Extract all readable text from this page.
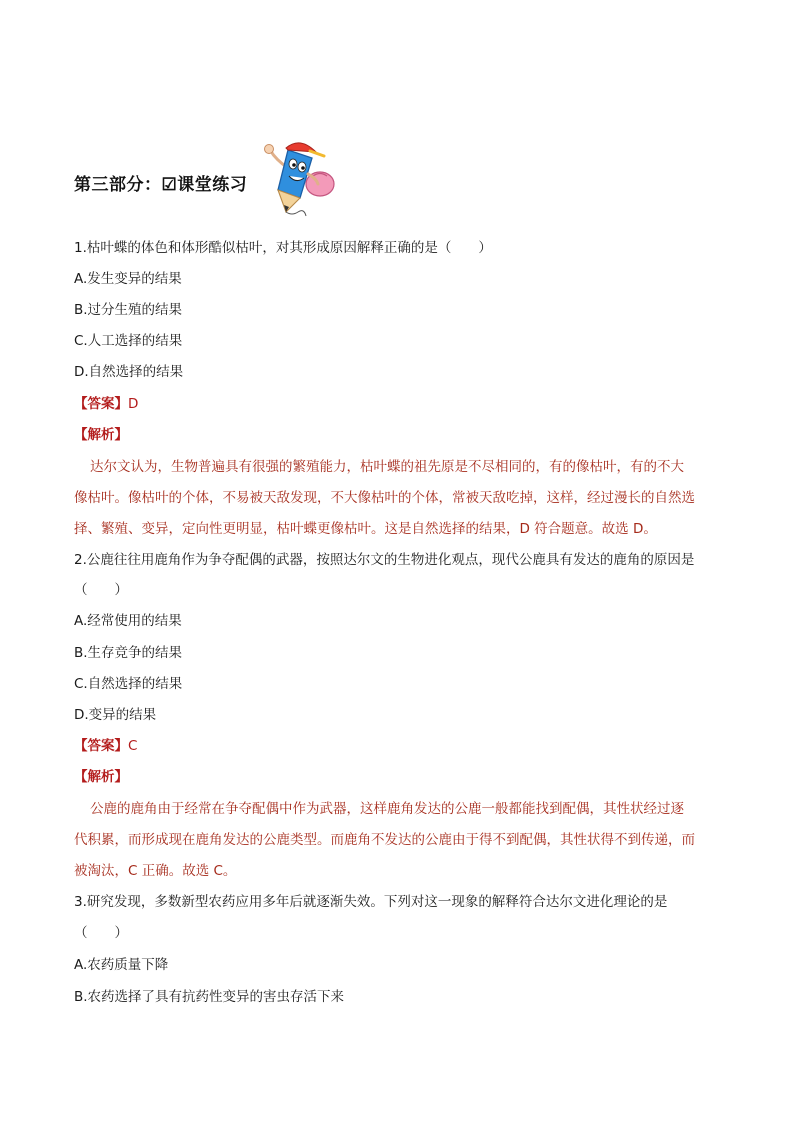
第三部分：☑课堂练习
1.枯叶蝶的体色和体形酷似枯叶，对其形成原因解释正确的是（　　）
A.发生变异的结果
B.过分生殖的结果
C.人工选择的结果
D.自然选择的结果
【答案】D
【解析】
达尔文认为，生物普遍具有很强的繁殖能力，枯叶蝶的祖先原是不尽相同的，有的像枯叶，有的不大
像枯叶。像枯叶的个体，不易被天敌发现，不大像枯叶的个体，常被天敌吃掉，这样，经过漫长的自然选
择、繁殖、变异，定向性更明显，枯叶蝶更像枯叶。这是自然选择的结果，D 符合题意。故选 D。
2.公鹿往往用鹿角作为争夺配偶的武器，按照达尔文的生物进化观点，现代公鹿具有发达的鹿角的原因是
（　　）
A.经常使用的结果
B.生存竞争的结果
C.自然选择的结果
D.变异的结果
【答案】C
【解析】
公鹿的鹿角由于经常在争夺配偶中作为武器，这样鹿角发达的公鹿一般都能找到配偶，其性状经过逐
代积累，而形成现在鹿角发达的公鹿类型。而鹿角不发达的公鹿由于得不到配偶，其性状得不到传递，而
被淘汰，C 正确。故选 C。
3.研究发现，多数新型农药应用多年后就逐渐失效。下列对这一现象的解释符合达尔文进化理论的是
（　　）
A.农药质量下降
B.农药选择了具有抗药性变异的害虫存活下来
